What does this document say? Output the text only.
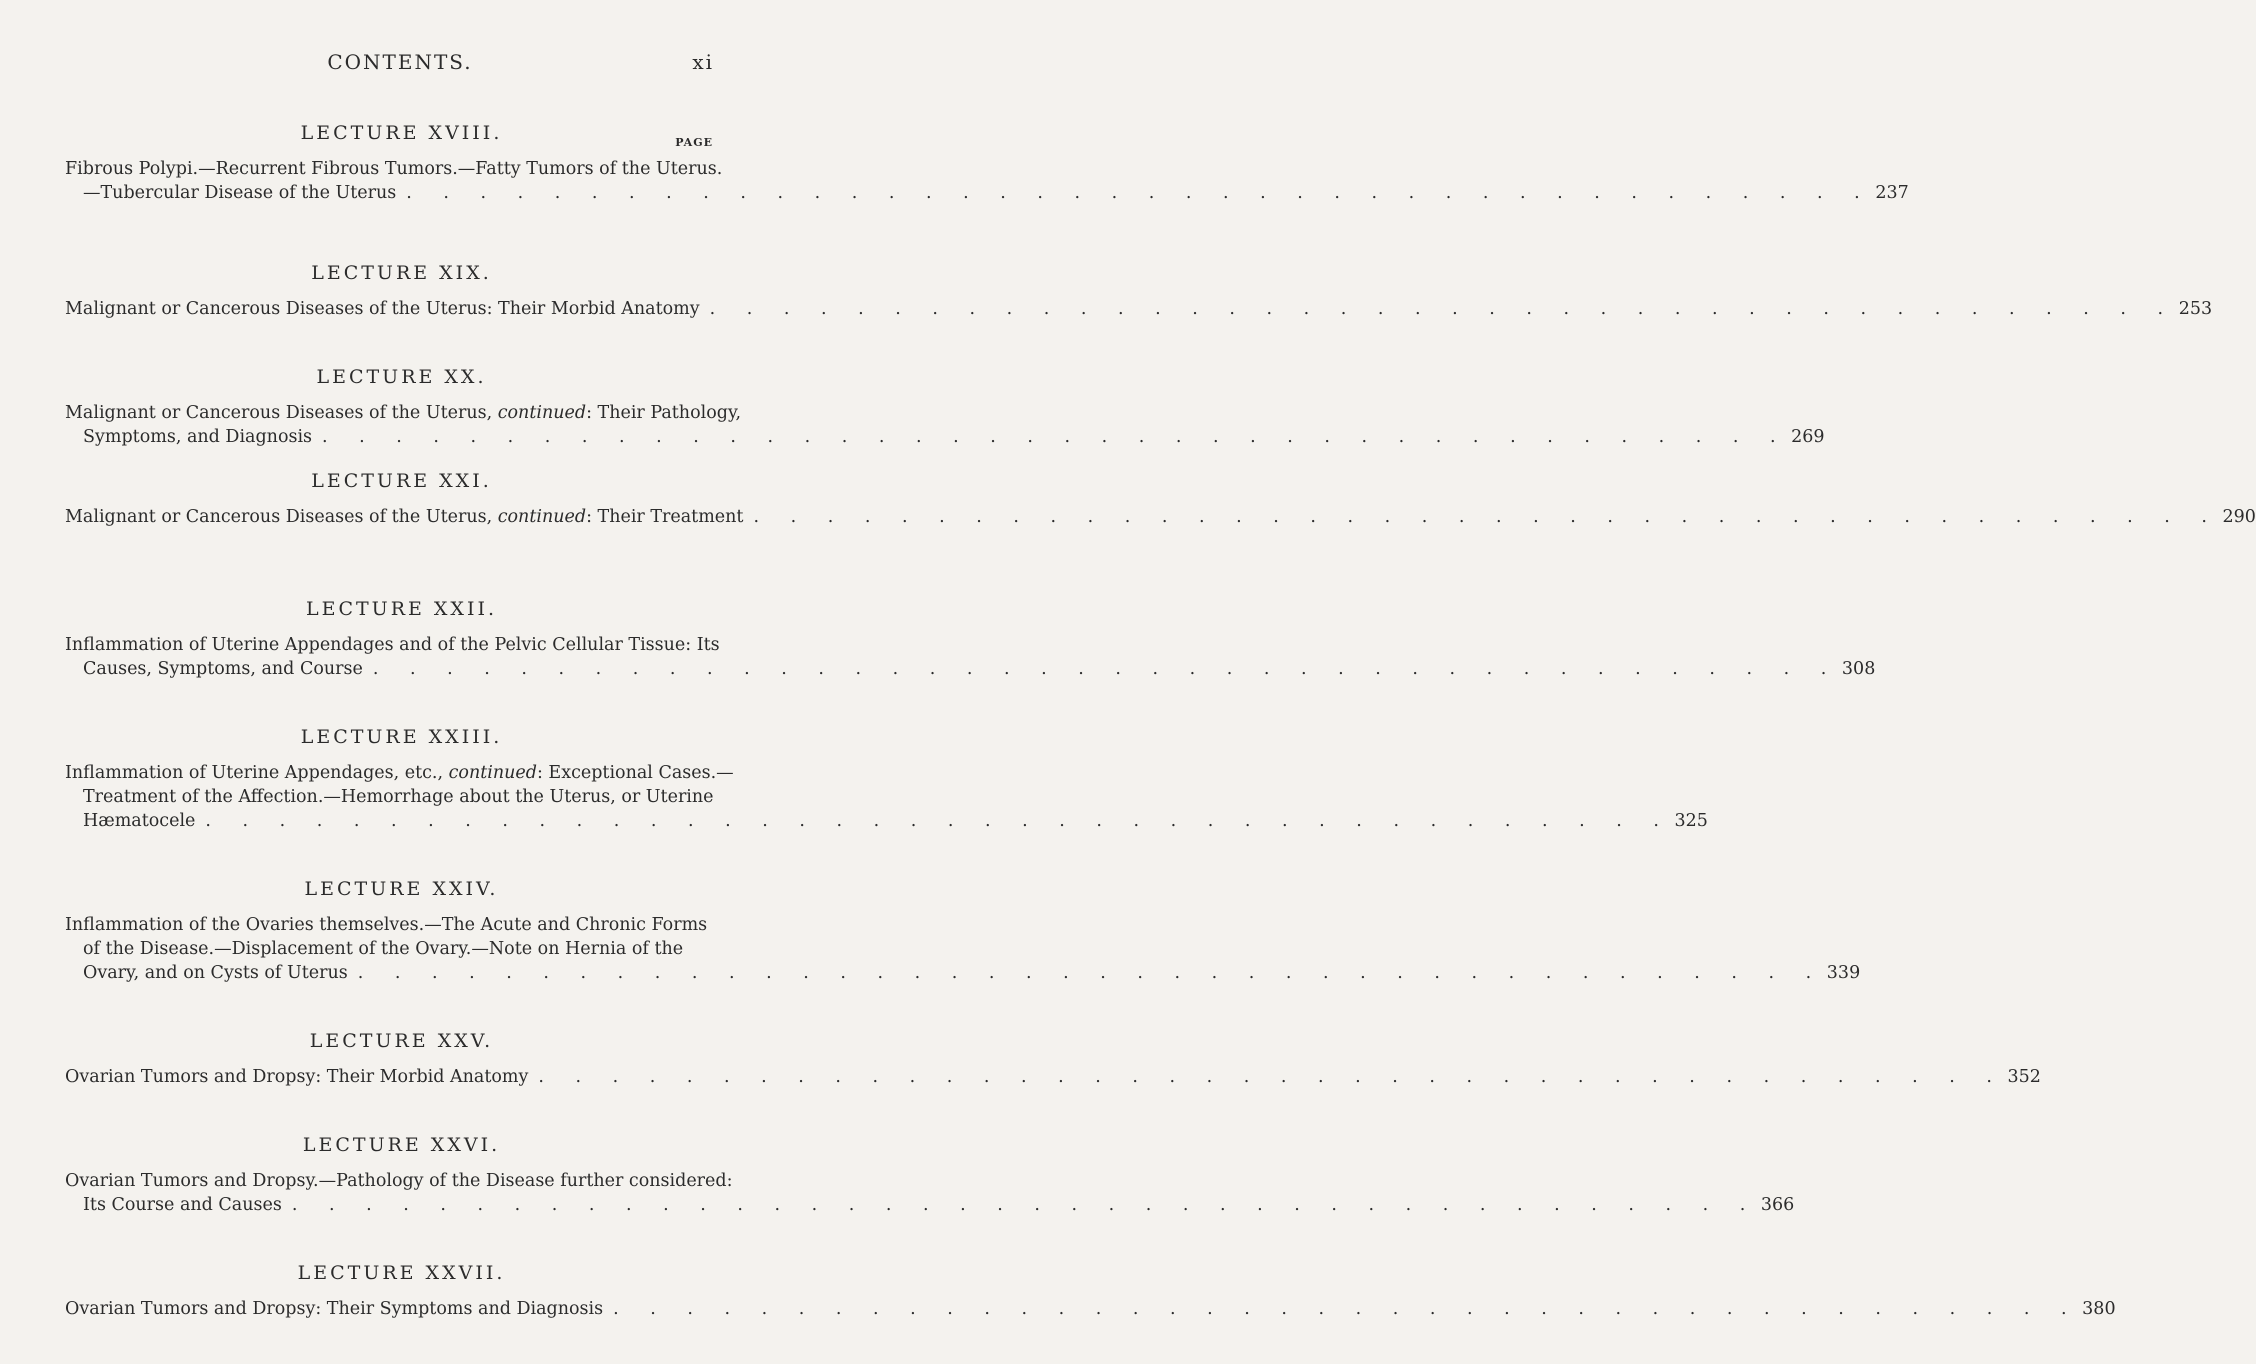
CONTENTS.	xi
PAGE
LECTURE XVIII.
Fibrous Polypi.—Recurrent Fibrous Tumors.—Fatty Tumors of the Uterus.
—Tubercular Disease of the Uterus . . . . . . . . . . . . . . . . . . . . . . . . . . . . . . . . . . . . . . . . 237
LECTURE XIX.
Malignant or Cancerous Diseases of the Uterus: Their Morbid Anatomy . . . . . . . . . . . . . . . . . . . . . . . . . . . . . . . . . . . . . . . . 253
LECTURE XX.
Malignant or Cancerous Diseases of the Uterus, continued: Their Pathology,
Symptoms, and Diagnosis . . . . . . . . . . . . . . . . . . . . . . . . . . . . . . . . . . . . . . . . 269
LECTURE XXI.
Malignant or Cancerous Diseases of the Uterus, continued: Their Treatment . . . . . . . . . . . . . . . . . . . . . . . . . . . . . . . . . . . . . . . . 290
LECTURE XXII.
Inflammation of Uterine Appendages and of the Pelvic Cellular Tissue: Its
Causes, Symptoms, and Course . . . . . . . . . . . . . . . . . . . . . . . . . . . . . . . . . . . . . . . . 308
LECTURE XXIII.
Inflammation of Uterine Appendages, etc., continued: Exceptional Cases.—
Treatment of the Affection.—Hemorrhage about the Uterus, or Uterine
Hæmatocele . . . . . . . . . . . . . . . . . . . . . . . . . . . . . . . . . . . . . . . . 325
LECTURE XXIV.
Inflammation of the Ovaries themselves.—The Acute and Chronic Forms
of the Disease.—Displacement of the Ovary.—Note on Hernia of the
Ovary, and on Cysts of Uterus . . . . . . . . . . . . . . . . . . . . . . . . . . . . . . . . . . . . . . . . 339
LECTURE XXV.
Ovarian Tumors and Dropsy: Their Morbid Anatomy . . . . . . . . . . . . . . . . . . . . . . . . . . . . . . . . . . . . . . . . 352
LECTURE XXVI.
Ovarian Tumors and Dropsy.—Pathology of the Disease further considered:
Its Course and Causes . . . . . . . . . . . . . . . . . . . . . . . . . . . . . . . . . . . . . . . . 366
LECTURE XXVII.
Ovarian Tumors and Dropsy: Their Symptoms and Diagnosis . . . . . . . . . . . . . . . . . . . . . . . . . . . . . . . . . . . . . . . . 380
